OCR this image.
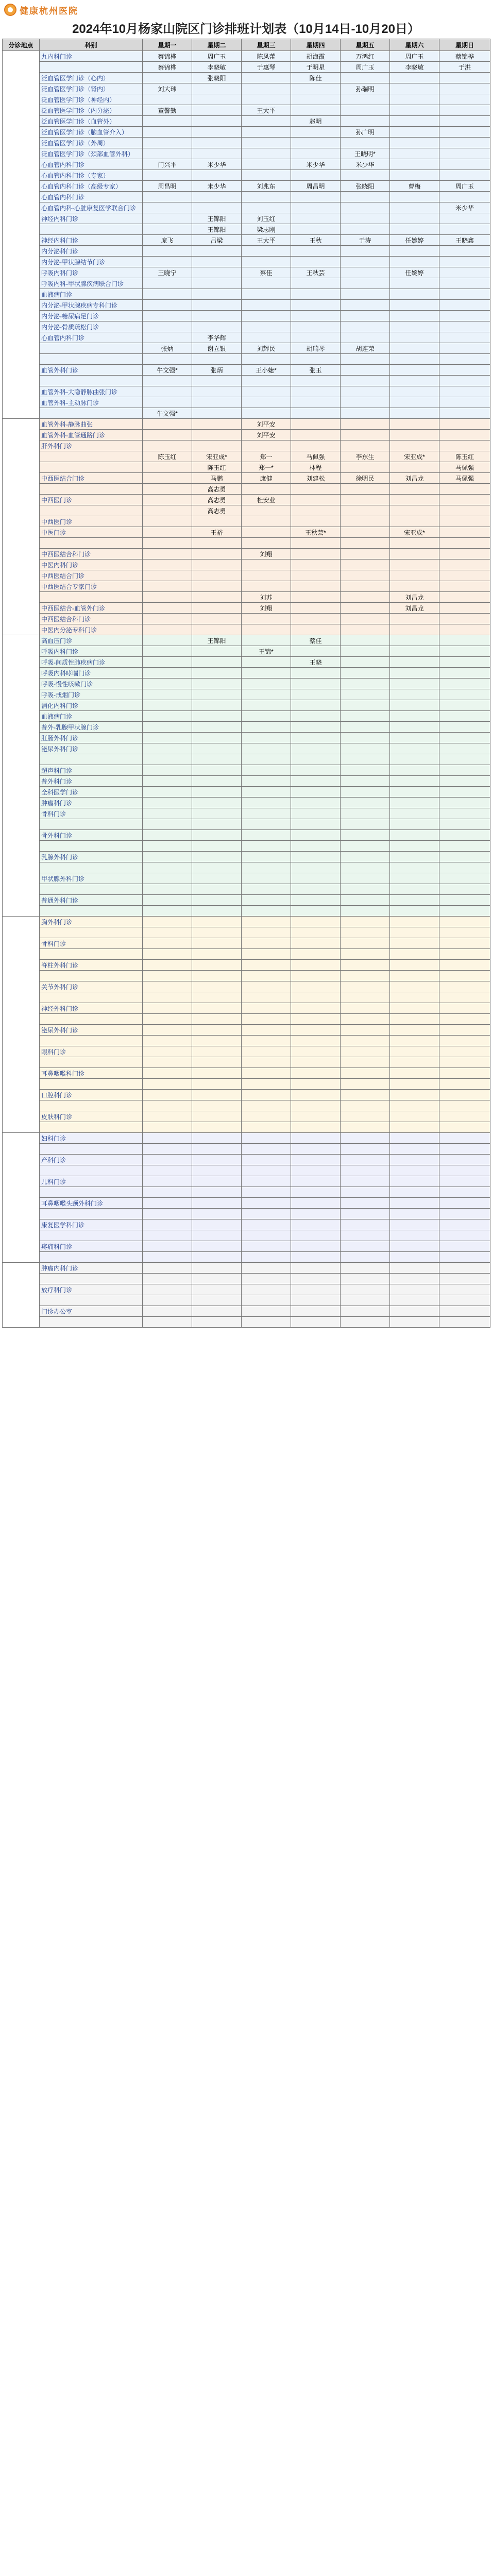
健康杭州医院
2024年10月杨家山院区门诊排班计划表（10月14日-10月20日）
分诊地点	科别	星期一	星期二	星期三	星期四	星期五	星期六	星期日
	九内科门诊	蔡锦桦	周广玉	陈凤蕾	胡海霞	万鸿红	周广玉	蔡锦桦
		蔡锦桦	李晓敏	于惠琴	于明星	周广玉	李晓敏	于洪
	泛血管医学门诊（心内）		张晓阳		陈佳			
	泛血管医学门诊（肾内）	刘大玮				孙瑞明		
	泛血管医学门诊（神经内）							
	泛血管医学门诊（内分泌）	董馨勤		王大平				
	泛血管医学门诊（血管外）				赵明			
	泛血管医学门诊（脑血管介入）					孙广明		
	泛血管医学门诊（外周）							
	泛血管医学门诊（颈部血管外科）					王晓明*		
	心血管内科门诊	门兴平	米少华		米少华	米少华		
	心血管内科门诊（专家）							
	心血管内科门诊（高级专家）	周昌明	米少华	刘兆东	周昌明	张晓阳	曹梅	周广玉
	心血管内科门诊							
	心血管内科-心脏康复医学联合门诊							米少华
	神经内科门诊		王锦阳	刘玉红				
			王锦阳	梁志刚				
	神经内科门诊	庞飞	吕梁	王大平	王秋	于涛	任婉婷	王晓鑫
	内分泌科门诊							
	内分泌-甲状腺结节门诊							
	呼吸内科门诊	王晓宁		蔡佳	王秋芸		任婉婷	
	呼吸内科-甲状腺疾病联合门诊							
	血液病门诊							
	内分泌-甲状腺疾病专科门诊							
	内分泌-糖尿病足门诊							
	内分泌-骨质疏松门诊							
	心血管内科门诊		李华辉					
		张炳	谢立银	刘辉民	胡瑞琴	胡连荣		

	血管外科门诊	牛文强*	张炳	王小婕*	张玉			

	血管外科-大隐静脉曲张门诊							
	血管外科-主动脉门诊							
		牛文强*						
	血管外科-静脉曲张			刘平安				
	血管外科-血管通路门诊			刘平安				
	肝外科门诊							
		陈玉红	宋亚成*	郑一	马佩强	李东生	宋亚成*	陈玉红
			陈玉红	郑一*	林程			马佩强
	中西医结合门诊		马鹏	康健	刘建松	徐明民	刘昌龙	马佩强
			高志勇					
	中西医门诊		高志勇	杜安业				
			高志勇					
	中西医门诊							
	中医门诊		王裕		王秋芸*		宋亚成*	

	中西医结合科门诊			刘翔				
	中医内科门诊							
	中西医结合门诊							
	中西医结合专家门诊							
				刘苏			刘昌龙	
	中西医结合-血管外门诊			刘翔			刘昌龙	
	中西医结合科门诊							
	中医内分泌专科门诊							
	高血压门诊		王锦阳		蔡佳			
	呼吸内科门诊			王锦*				
	呼吸-间质性肺疾病门诊				王晓			
	呼吸内科哮喘门诊							
	呼吸-慢性咳嗽门诊							
	呼吸-戒烟门诊							
	消化内科门诊							
	血液病门诊							
	普外-乳腺甲状腺门诊							
	肛肠外科门诊							
	泌尿外科门诊							

	超声科门诊							
	普外科门诊							
	全科医学门诊							
	肿瘤科门诊							
	骨科门诊							

	骨外科门诊							

	乳腺外科门诊							

	甲状腺外科门诊							

	普通外科门诊							

	胸外科门诊							

	骨科门诊							

	脊柱外科门诊							

	关节外科门诊							

	神经外科门诊							

	泌尿外科门诊							

	眼科门诊							

	耳鼻咽喉科门诊							

	口腔科门诊							

	皮肤科门诊							

	妇科门诊							

	产科门诊							

	儿科门诊							

	耳鼻咽喉头颈外科门诊							

	康复医学科门诊							

	疼痛科门诊							

	肿瘤内科门诊							

	放疗科门诊							

	门诊办公室							
